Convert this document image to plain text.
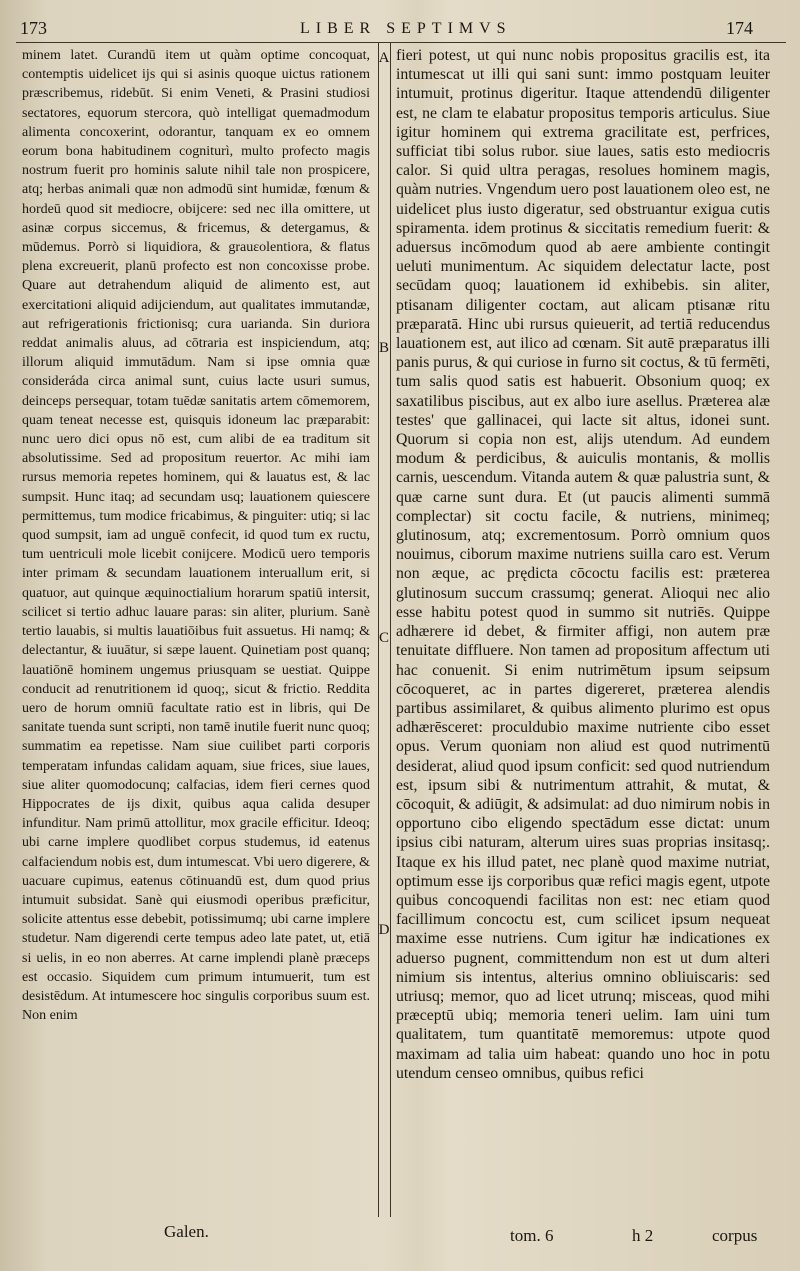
173	LIBER SEPTIMVS	174

minem latet. Curandū item ut quàm optime concoquat, contemptis uidelicet ijs qui si asinis quoque uictus rationem præscribemus, ridebūt. Si enim Veneti, & Prasini studiosi sectatores, equorum stercora, quò intelligat quemadmodum alimenta concoxerint, odorantur, tanquam ex eo omnem eorum bona habitudinem cogniturì, multo profecto magis nostrum fuerit pro hominis salute nihil tale non prospicere, atq; herbas animali quæ non admodū sint humidæ, fœnum & hordeū quod sit mediocre, obijcere: sed nec illa omittere, ut asinæ corpus siccemus, & fricemus, & detergamus, & mūdemus. Porrò si liquidiora, & grauεolentiora, & flatus plena excreuerit, planū profecto est non concoxisse probe. Quare aut detrahendum aliquid de alimento est, aut exercitationi aliquid adijciendum, aut qualitates immutandæ, aut refrigerationis frictionisq; cura uarianda. Sin duriora reddat animalis aluus, ad cōtraria est inspiciendum, atq; illorum aliquid immutādum. Nam si ipse omnia quæ consideráda circa animal sunt, cuius lacte usuri sumus, deinceps persequar, totam tuēdæ sanitatis artem cōmemorem, quam teneat necesse est, quisquis idoneum lac præparabit: nunc uero dici opus nō est, cum alibi de ea traditum sit absolutissime. Sed ad propositum reuertor. Ac mihi iam rursus memoria repetes hominem, qui & lauatus est, & lac sumpsit. Hunc itaq; ad secundam usq; lauationem quiescere permittemus, tum modice fricabimus, & pinguiter: utiq; si lac quod sumpsit, iam ad unguē confecit, id quod tum ex ructu, tum uentriculi mole licebit conijcere. Modicū uero temporis inter primam & secundam lauationem interuallum erit, si quatuor, aut quinque æquinoctialium horarum spatiū intersit, scilicet si tertio adhuc lauare paras: sin aliter, plurium. Sanè tertio lauabis, si multis lauatiōibus fuit assuetus. Hi namq; & delectantur, & iuuātur, si sæpe lauent. Quinetiam post quanq; lauatiōnē hominem ungemus priusquam se uestiat. Quippe conducit ad renutritionem id quoq;, sicut & frictio. Reddita uero de horum omniū facultate ratio est in libris, qui De sanitate tuenda sunt scripti, non tamē inutile fuerit nunc quoq; summatim ea repetisse. Nam siue cuilibet parti corporis temperatam infundas calidam aquam, siue frices, siue laues, siue aliter quomodocunq; calfacias, idem fieri cernes quod Hippocrates de ijs dixit, quibus aqua calida desuper infunditur. Nam primū attollitur, mox gracile efficitur. Ideoq; ubi carne implere quodlibet corpus studemus, id eatenus calfaciendum nobis est, dum intumescat. Vbi uero digerere, & uacuare cupimus, eatenus cōtinuandū est, dum quod prius intumuit subsidat. Sanè qui eiusmodi operibus præficitur, solicite attentus esse debebit, potissimumq; ubi carne implere studetur. Nam digerendi certe tempus adeo late patet, ut, etiā si uelis, in eo non aberres. At carne implendi planè præceps est occasio. Siquidem cum primum intumuerit, tum est desistēdum. At intumescere hoc singulis corporibus suum est. Non enim

fieri potest, ut qui nunc nobis propositus gracilis est, ita intumescat ut illi qui sani sunt: immo postquam leuiter intumuit, protinus digeritur. Itaque attendendū diligenter est, ne clam te elabatur propositus temporis articulus. Siue igitur hominem qui extrema gracilitate est, perfrices, sufficiat tibi solus rubor. siue laues, satis esto mediocris calor. Si quid ultra peragas, resolues hominem magis, quàm nutries. Vngendum uero post lauationem oleo est, ne uidelicet plus iusto digeratur, sed obstruantur exigua cutis spiramenta. idem protinus & siccitatis remedium fuerit: & aduersus incōmodum quod ab aere ambiente contingit ueluti munimentum. Ac siquidem delectatur lacte, post secūdam quoq; lauationem id exhibebis. sin aliter, ptisanam diligenter coctam, aut alicam ptisanæ ritu præparatā. Hinc ubi rursus quieuerit, ad tertiā reducendus lauationem est, aut ilico ad cœnam. Sit autē præparatus illi panis purus, & qui curiose in furno sit coctus, & tū fermēti, tum salis quod satis est habuerit. Obsonium quoq; ex saxatilibus piscibus, aut ex albo iure asellus. Præterea alæ testes' que gallinacei, qui lacte sit altus, idonei sunt. Quorum si copia non est, alijs utendum. Ad eundem modum & perdicibus, & auiculis montanis, & mollis carnis, uescendum. Vitanda autem & quæ palustria sunt, & quæ carne sunt dura. Et (ut paucis alimenti summā complectar) sit coctu facile, & nutriens, minimeq; glutinosum, atq; excrementosum. Porrò omnium quos nouimus, ciborum maxime nutriens suilla caro est. Verum non æque, ac prędicta cōcoctu facilis est: præterea glutinosum succum crassumq; generat. Alioqui nec alio esse habitu potest quod in summo sit nutriēs. Quippe adhærere id debet, & firmiter affigi, non autem præ tenuitate diffluere. Non tamen ad propositum affectum uti hac conuenit. Si enim nutrimētum ipsum seipsum cōcoqueret, ac in partes digereret, præterea alendis partibus assimilaret, & quibus alimento plurimo est opus adhærēsceret: proculdubio maxime nutriente cibo esset opus. Verum quoniam non aliud est quod nutrimentū desiderat, aliud quod ipsum conficit: sed quod nutriendum est, ipsum sibi & nutrimentum attrahit, & mutat, & cōcoquit, & adiūgit, & adsimulat: ad duo nimirum nobis in opportuno cibo eligendo spectādum esse dictat: unum ipsius cibi naturam, alterum uires suas proprias insitasq;. Itaque ex his illud patet, nec planè quod maxime nutriat, optimum esse ijs corporibus quæ refici magis egent, utpote quibus concoquendi facilitas non est: nec etiam quod facillimum concoctu est, cum scilicet ipsum nequeat maxime esse nutriens. Cum igitur hæ indicationes ex aduerso pugnent, committendum non est ut dum alteri nimium sis intentus, alterius omnino obliuiscaris: sed utriusq; memor, quo ad licet utrunq; misceas, quod mihi præceptū ubiq; memoria teneri uelim. Iam uini tum qualitatem, tum quantitatē memoremus: utpote quod maximam ad talia uim habeat: quando uno hoc in potu utendum censeo omnibus, quibus refici

A
B
C
D
Galen.	tom. 6	h 2	corpus
